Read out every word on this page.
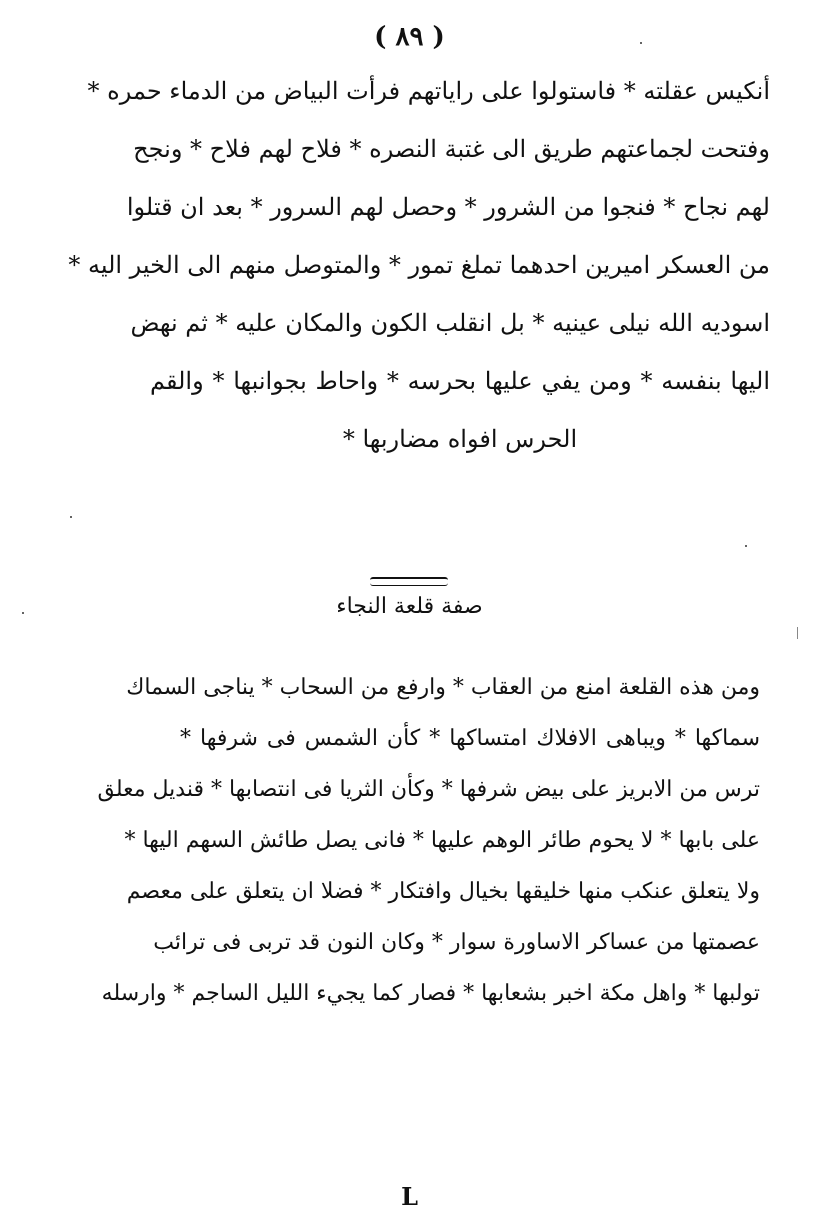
( ٨٩ )
أنكيس عقلته * فاستولوا على راياتهم فرأت البياض من الدماء حمره *
وفتحت لجماعتهم طريق الى غتبة النصره * فلاح لهم فلاح * ونجح
لهم نجاح * فنجوا من الشرور * وحصل لهم السرور * بعد ان قتلوا
من العسكر اميرين احدهما تملغ تمور * والمتوصل منهم الى الخير اليه *
اسوديه الله نيلى عينيه * بل انقلب الكون والمكان عليه * ثم نهض
اليها بنفسه * ومن يفي عليها بحرسه * واحاط بجوانبها * والقم
الحرس افواه مضاربها *
صفة قلعة النجاء
ومن هذه القلعة امنع من العقاب * وارفع من السحاب * يناجى السماك
سماكها * ويباهى الافلاك امتساكها * كأن الشمس فى شرفها *
ترس من الابريز على بيض شرفها * وكأن الثريا فى انتصابها * قنديل معلق
على بابها * لا يحوم طائر الوهم عليها * فانى يصل طائش السهم اليها *
ولا يتعلق عنكب منها خليقها بخيال وافتكار * فضلا ان يتعلق على معصم
عصمتها من عساكر الاساورة سوار * وكان النون قد تربى فى ترائب
تولبها * واهل مكة اخبر بشعابها * فصار كما يجيء الليل الساجم * وارسله
L
